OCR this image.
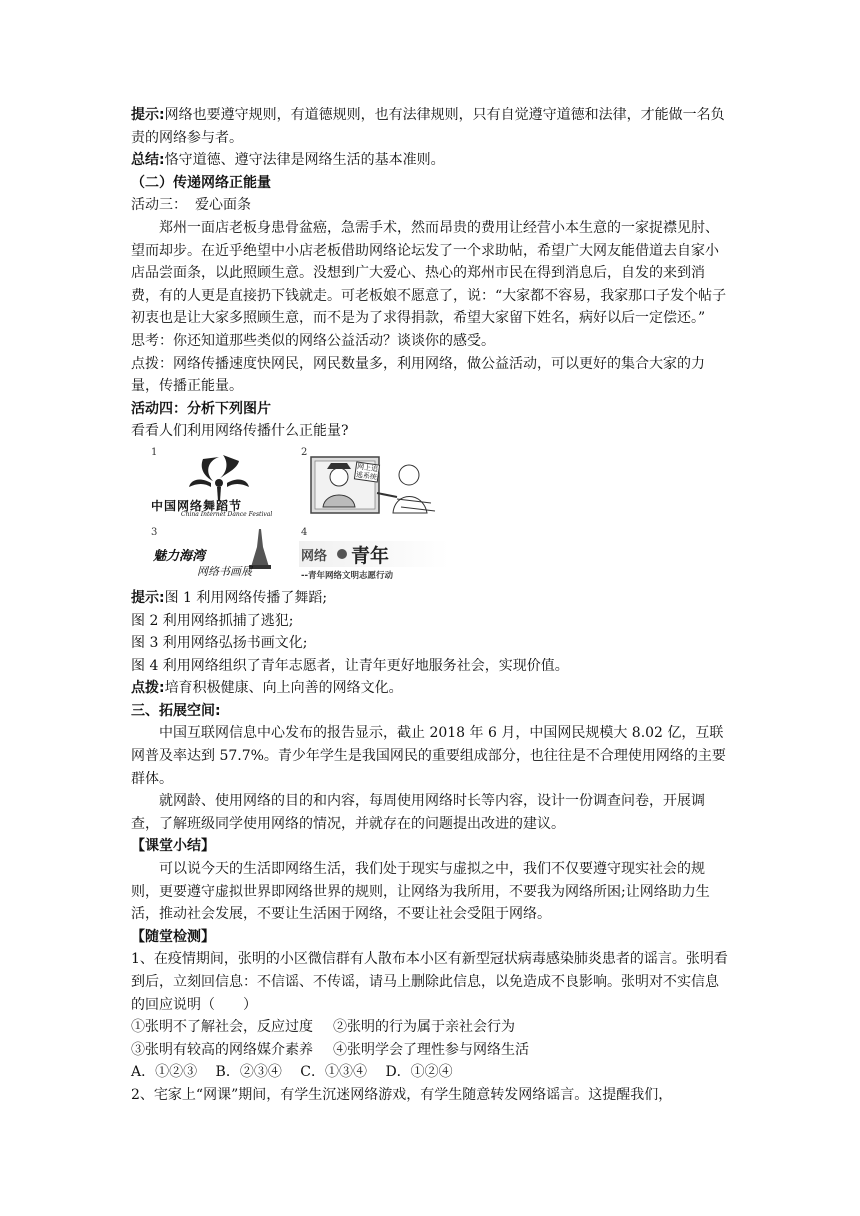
提示:网络也要遵守规则，有道德规则，也有法律规则，只有自觉遵守道德和法律，才能做一名负责的网络参与者。
总结:恪守道德、遵守法律是网络生活的基本准则。
（二）传递网络正能量
活动三： 爱心面条
郑州一面店老板身患骨盆癌，急需手术，然而昂贵的费用让经营小本生意的一家捉襟见肘、望而却步。在近乎绝望中小店老板借助网络论坛发了一个求助帖，希望广大网友能借道去自家小店品尝面条，以此照顾生意。没想到广大爱心、热心的郑州市民在得到消息后，自发的来到消费，有的人更是直接扔下钱就走。可老板娘不愿意了，说：“大家都不容易，我家那口子发个帖子初衷也是让大家多照顾生意，而不是为了求得捐款，希望大家留下姓名，病好以后一定偿还。”
思考：你还知道那些类似的网络公益活动？谈谈你的感受。
点拨：网络传播速度快网民，网民数量多，利用网络，做公益活动，可以更好的集合大家的力量，传播正能量。
活动四：分析下列图片
看看人们利用网络传播什么正能量?
1
中国网络舞蹈节
China Internet Dance Festival
2
网上追逃系统
3
魅力海湾
网络书画展
4
网络 青年
--青年网络文明志愿行动
提示:图 1 利用网络传播了舞蹈;
图 2 利用网络抓捕了逃犯;
图 3 利用网络弘扬书画文化;
图 4 利用网络组织了青年志愿者，让青年更好地服务社会，实现价值。
点拨:培育积极健康、向上向善的网络文化。
三、拓展空间:
中国互联网信息中心发布的报告显示，截止 2018 年 6 月，中国网民规模大 8.02 亿，互联网普及率达到 57.7%。青少年学生是我国网民的重要组成部分，也往往是不合理使用网络的主要群体。
就网龄、使用网络的目的和内容，每周使用网络时长等内容，设计一份调查问卷，开展调查，了解班级同学使用网络的情况，并就存在的问题提出改进的建议。
【课堂小结】
可以说今天的生活即网络生活，我们处于现实与虚拟之中，我们不仅要遵守现实社会的规则，更要遵守虚拟世界即网络世界的规则，让网络为我所用，不要我为网络所困;让网络助力生活，推动社会发展，不要让生活困于网络，不要让社会受阻于网络。
【随堂检测】
1、在疫情期间，张明的小区微信群有人散布本小区有新型冠状病毒感染肺炎患者的谣言。张明看到后，立刻回信息：不信谣、不传谣，请马上删除此信息，以免造成不良影响。张明对不实信息的回应说明（　　）
①张明不了解社会，反应过度 ②张明的行为属于亲社会行为
③张明有较高的网络媒介素养 ④张明学会了理性参与网络生活
A．①②③　 B．②③④　 C．①③④　 D．①②④
2、宅家上“网课”期间，有学生沉迷网络游戏，有学生随意转发网络谣言。这提醒我们，
